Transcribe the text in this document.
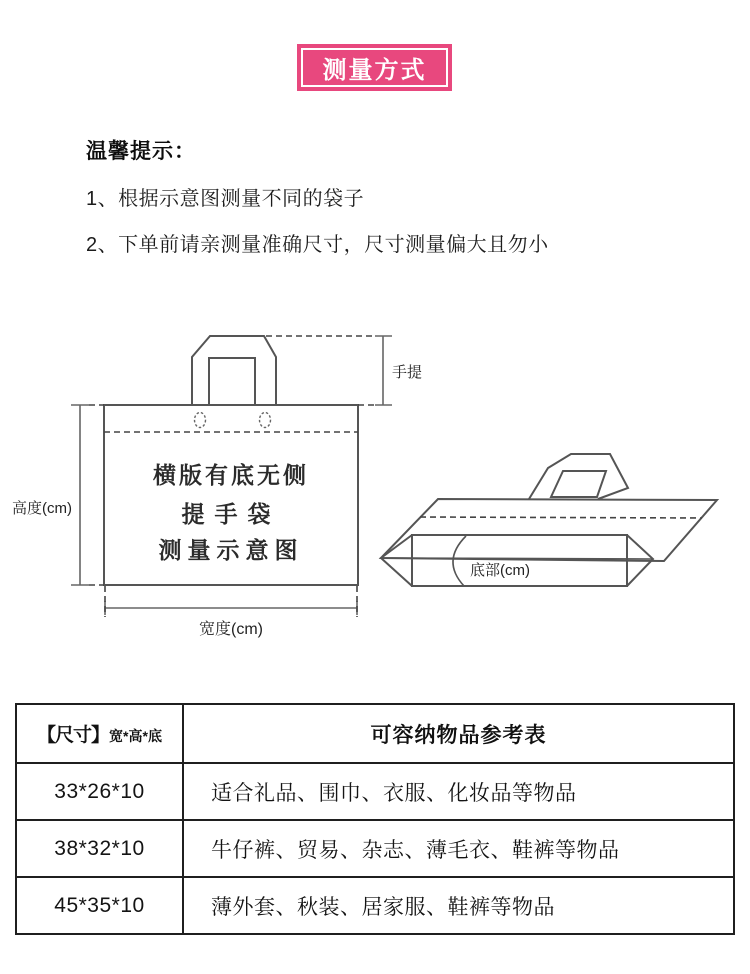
测量方式
温馨提示：
1、根据示意图测量不同的袋子
2、下单前请亲测量准确尺寸，尺寸测量偏大且勿小
横版有底无侧
提手袋
测量示意图
高度(cm)
宽度(cm)
手提
底部(cm)
【尺寸】宽*高*底	可容纳物品参考表
33*26*10	适合礼品、围巾、衣服、化妆品等物品
38*32*10	牛仔裤、贸易、杂志、薄毛衣、鞋裤等物品
45*35*10	薄外套、秋装、居家服、鞋裤等物品
